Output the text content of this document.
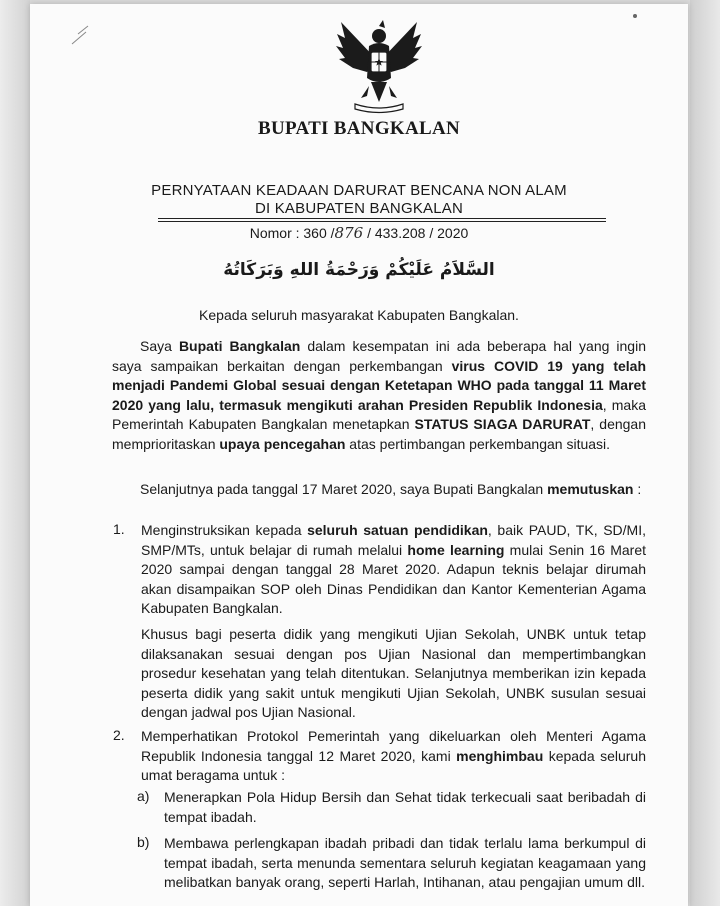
BUPATI BANGKALAN
PERNYATAAN KEADAAN DARURAT BENCANA NON ALAM
DI KABUPATEN BANGKALAN
Nomor : 360 /876 / 433.208 / 2020
السَّلاَمُ عَلَيْكُمْ وَرَحْمَةُ اللهِ وَبَرَكَاتُهُ
Kepada seluruh masyarakat Kabupaten Bangkalan.
Saya Bupati Bangkalan dalam kesempatan ini ada beberapa hal yang ingin saya sampaikan berkaitan dengan perkembangan virus COVID 19 yang telah menjadi Pandemi Global sesuai dengan Ketetapan WHO pada tanggal 11 Maret 2020 yang lalu, termasuk mengikuti arahan Presiden Republik Indonesia, maka Pemerintah Kabupaten Bangkalan menetapkan STATUS SIAGA DARURAT, dengan memprioritaskan upaya pencegahan atas pertimbangan perkembangan situasi.
Selanjutnya pada tanggal 17 Maret 2020, saya Bupati Bangkalan memutuskan :
1. Menginstruksikan kepada seluruh satuan pendidikan, baik PAUD, TK, SD/MI, SMP/MTs, untuk belajar di rumah melalui home learning mulai Senin 16 Maret 2020 sampai dengan tanggal 28 Maret 2020. Adapun teknis belajar dirumah akan disampaikan SOP oleh Dinas Pendidikan dan Kantor Kementerian Agama Kabupaten Bangkalan.
Khusus bagi peserta didik yang mengikuti Ujian Sekolah, UNBK untuk tetap dilaksanakan sesuai dengan pos Ujian Nasional dan mempertimbangkan prosedur kesehatan yang telah ditentukan. Selanjutnya memberikan izin kepada peserta didik yang sakit untuk mengikuti Ujian Sekolah, UNBK susulan sesuai dengan jadwal pos Ujian Nasional.
2. Memperhatikan Protokol Pemerintah yang dikeluarkan oleh Menteri Agama Republik Indonesia tanggal 12 Maret 2020, kami menghimbau kepada seluruh umat beragama untuk :
a) Menerapkan Pola Hidup Bersih dan Sehat tidak terkecuali saat beribadah di tempat ibadah.
b) Membawa perlengkapan ibadah pribadi dan tidak terlalu lama berkumpul di tempat ibadah, serta menunda sementara seluruh kegiatan keagamaan yang melibatkan banyak orang, seperti Harlah, Intihanan, atau pengajian umum dll.
